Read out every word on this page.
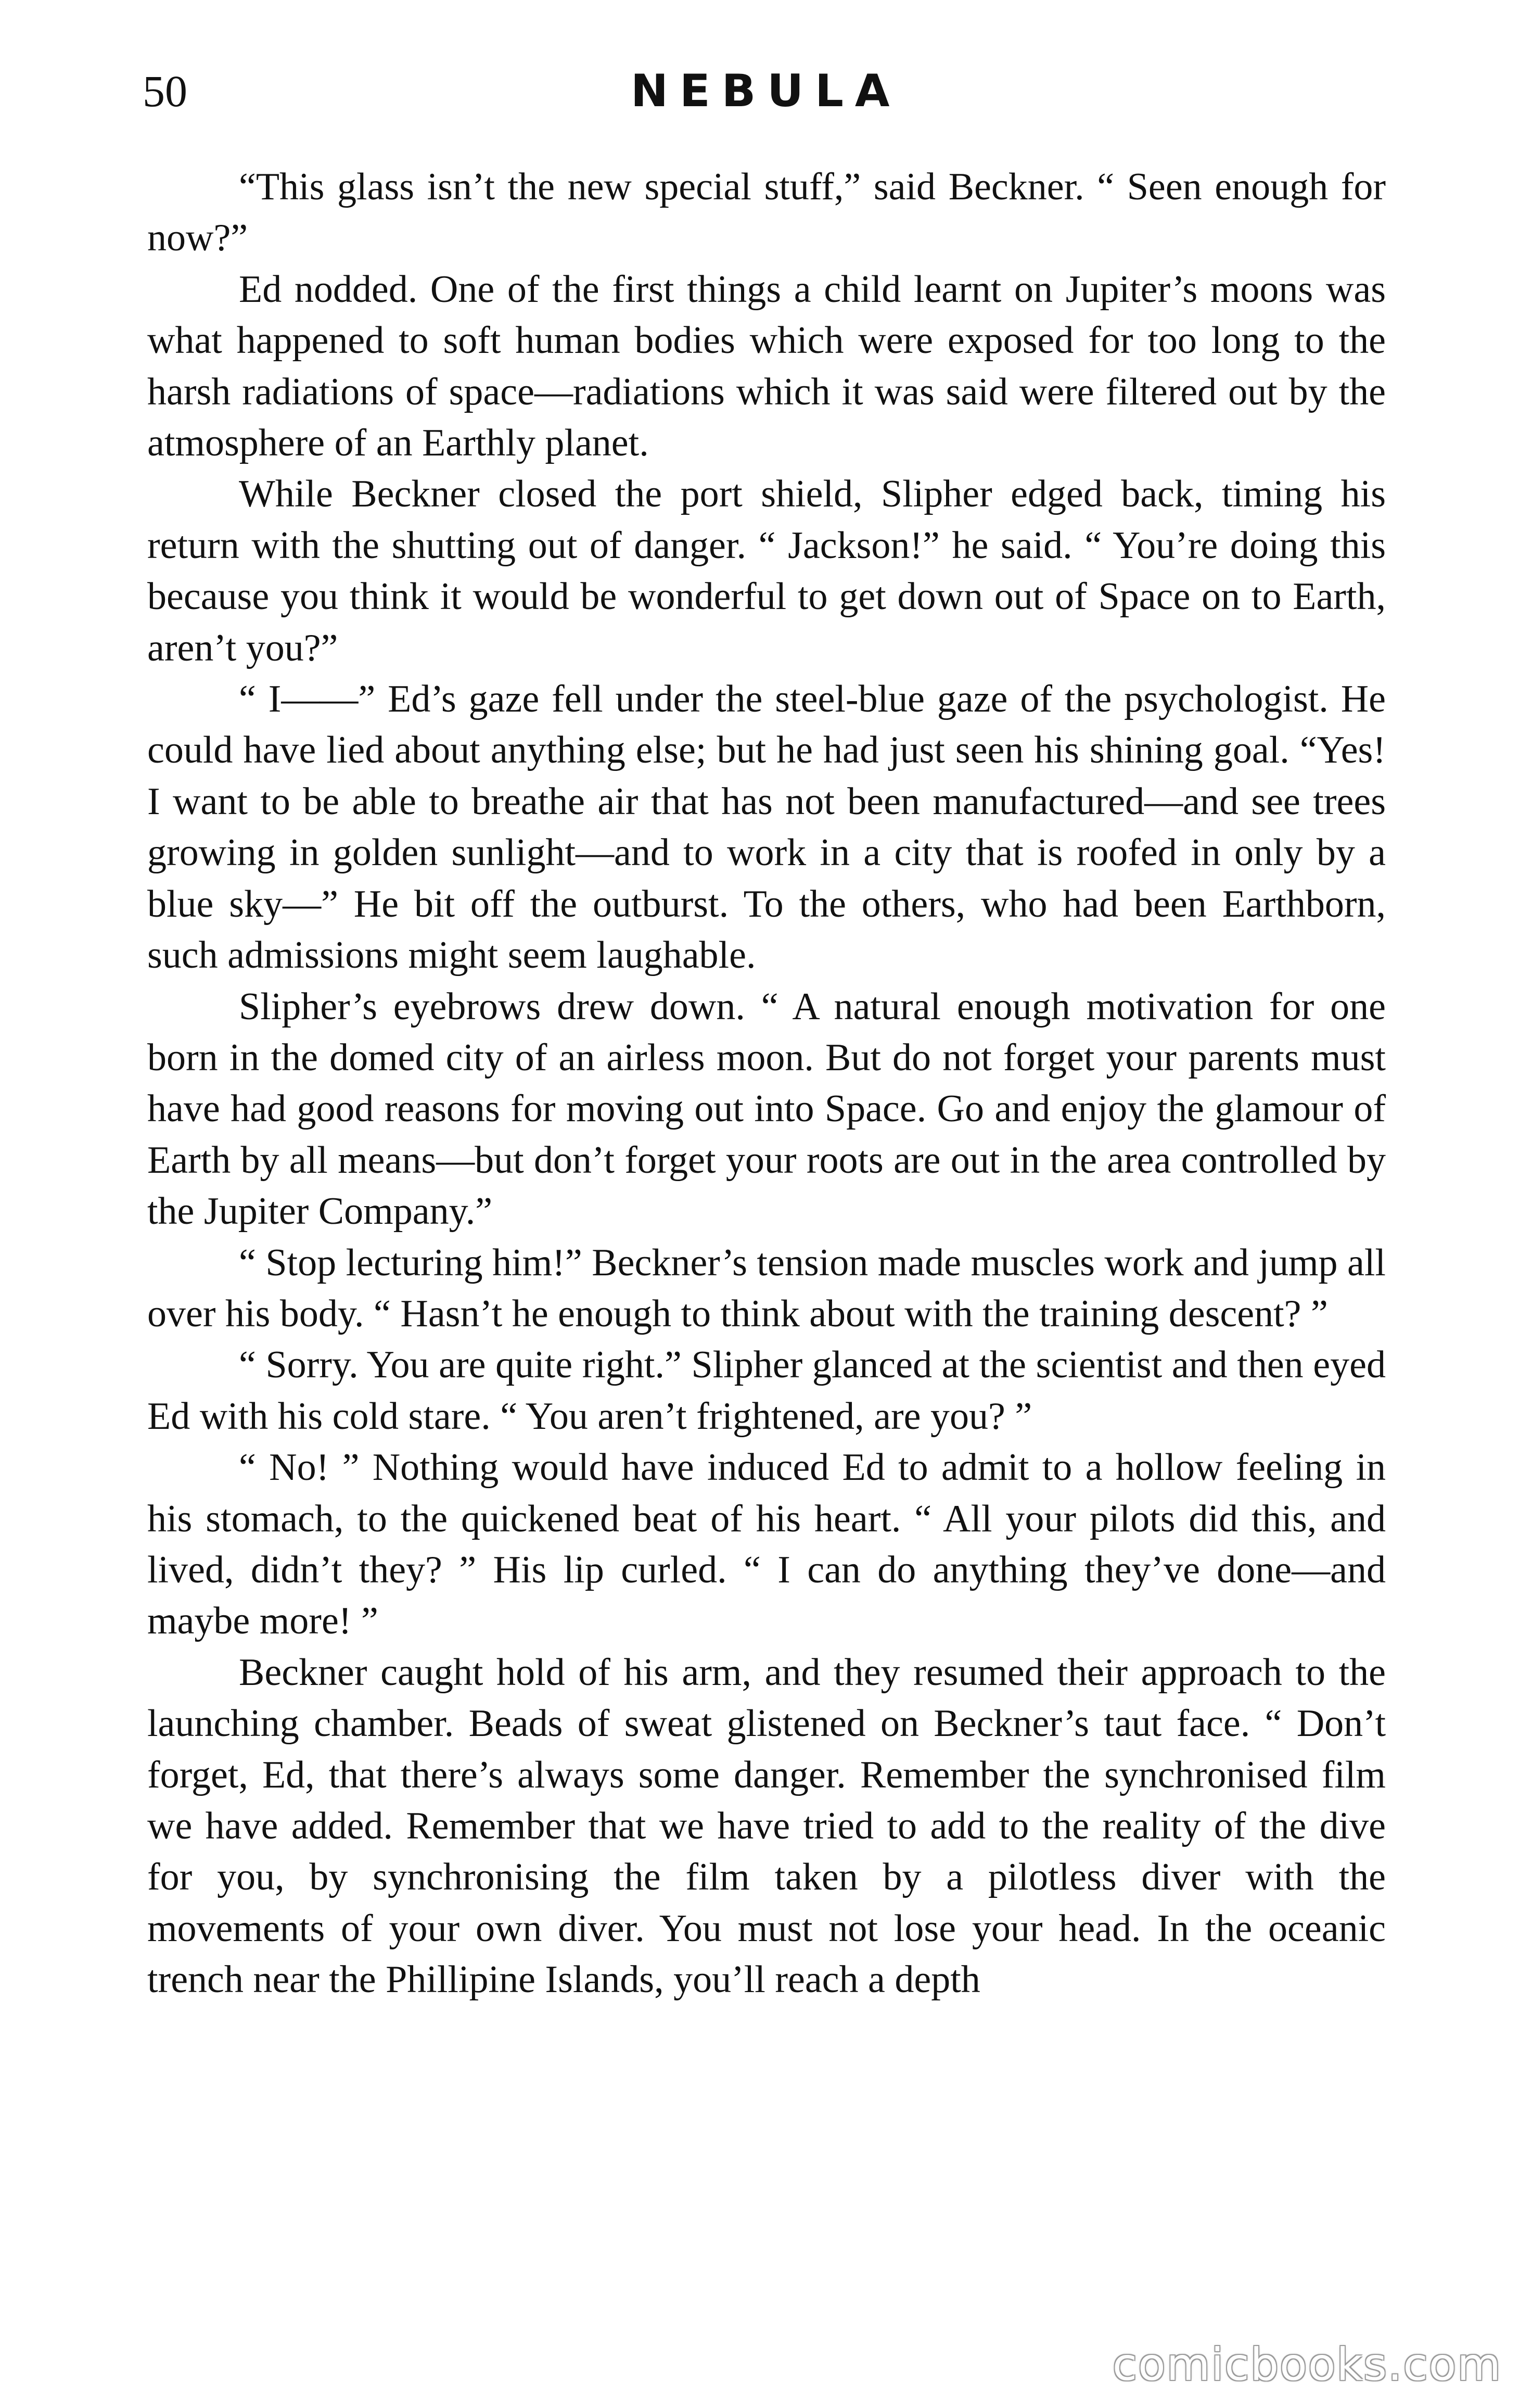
50	NEBULA

“This glass isn’t the new special stuff,” said Beckner. “ Seen enough for now?”

Ed nodded. One of the first things a child learnt on Jupiter’s moons was what happened to soft human bodies which were exposed for too long to the harsh radiations of space—radiations which it was said were filtered out by the atmosphere of an Earthly planet.

While Beckner closed the port shield, Slipher edged back, timing his return with the shutting out of danger. “ Jackson!” he said. “ You’re doing this because you think it would be wonderful to get down out of Space on to Earth, aren’t you?”

“ I——” Ed’s gaze fell under the steel-blue gaze of the psychologist. He could have lied about anything else; but he had just seen his shining goal. “Yes! I want to be able to breathe air that has not been manufactured—and see trees growing in golden sunlight—and to work in a city that is roofed in only by a blue sky—” He bit off the outburst. To the others, who had been Earthborn, such admissions might seem laughable.

Slipher’s eyebrows drew down. “ A natural enough motivation for one born in the domed city of an airless moon. But do not forget your parents must have had good reasons for moving out into Space. Go and enjoy the glamour of Earth by all means—but don’t forget your roots are out in the area controlled by the Jupiter Company.”

“ Stop lecturing him!” Beckner’s tension made muscles work and jump all over his body. “ Hasn’t he enough to think about with the training descent? ”

“ Sorry. You are quite right.” Slipher glanced at the scientist and then eyed Ed with his cold stare. “ You aren’t frightened, are you? ”

“ No! ” Nothing would have induced Ed to admit to a hollow feeling in his stomach, to the quickened beat of his heart. “ All your pilots did this, and lived, didn’t they? ” His lip curled. “ I can do anything they’ve done—and maybe more! ”

Beckner caught hold of his arm, and they resumed their approach to the launching chamber. Beads of sweat glistened on Beckner’s taut face. “ Don’t forget, Ed, that there’s always some danger. Remember the synchronised film we have added. Remember that we have tried to add to the reality of the dive for you, by synchronising the film taken by a pilotless diver with the movements of your own diver. You must not lose your head. In the oceanic trench near the Phillipine Islands, you’ll reach a depth

comicbooks.com
